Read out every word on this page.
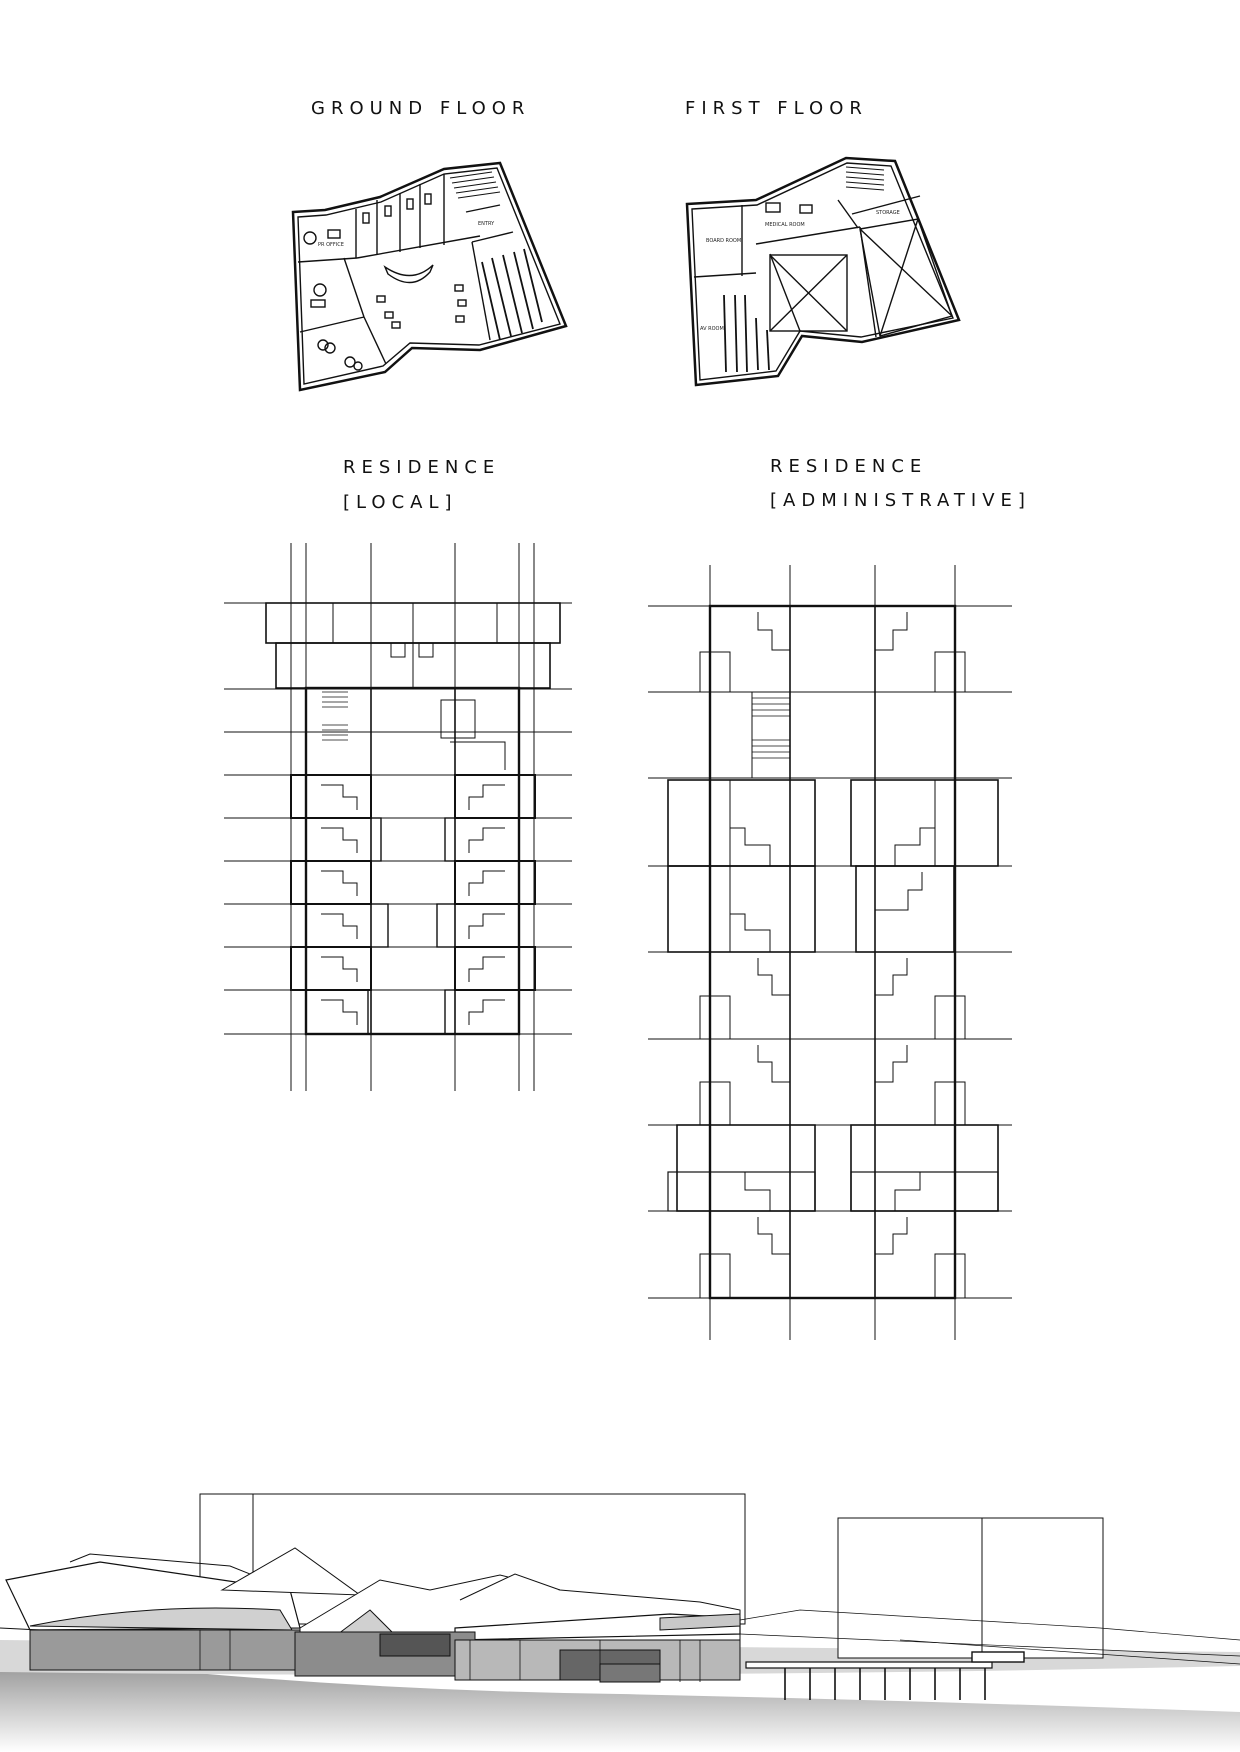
GROUND FLOOR	FIRST FLOOR
RESIDENCE
[LOCAL]
RESIDENCE
[ADMINISTRATIVE]
PR OFFICE
ENTRY
BOARD ROOM
MEDICAL ROOM
STORAGE
AV ROOM
